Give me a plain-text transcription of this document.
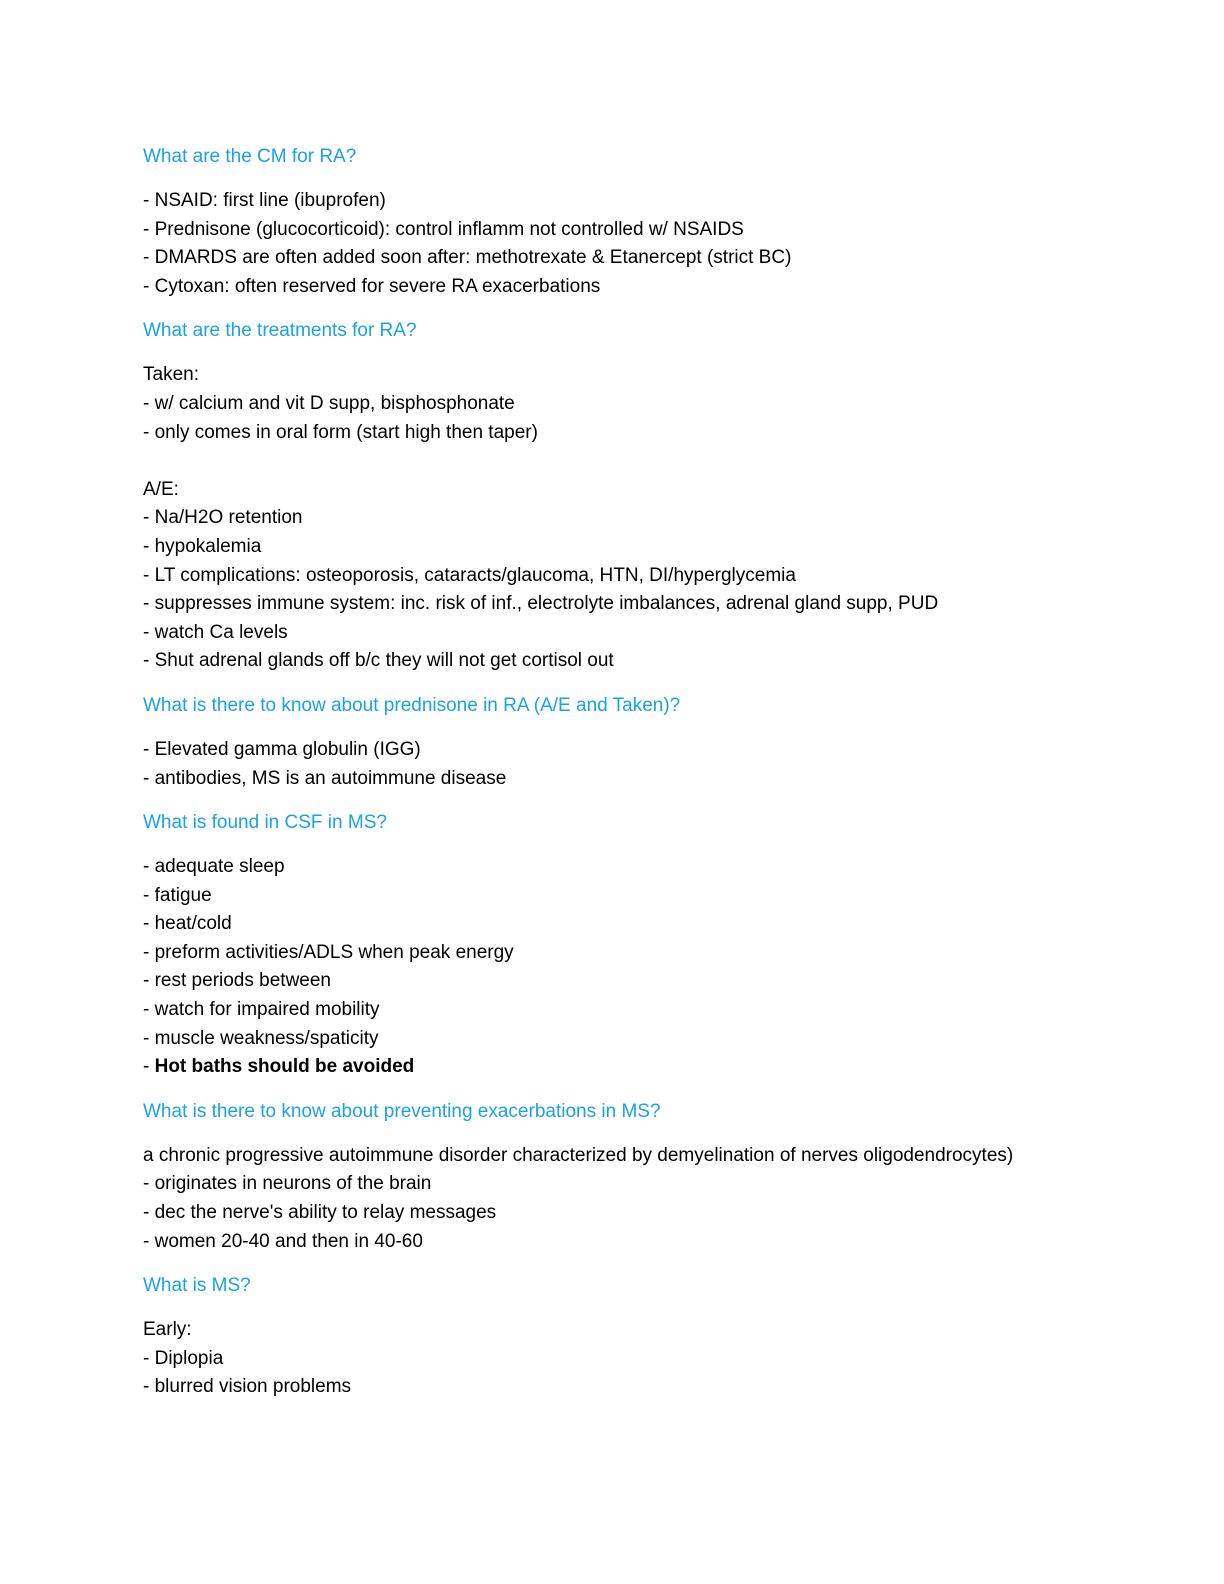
What are the CM for RA?
- NSAID: first line (ibuprofen)
- Prednisone (glucocorticoid): control inflamm not controlled w/ NSAIDS
- DMARDS are often added soon after: methotrexate & Etanercept (strict BC)
- Cytoxan: often reserved for severe RA exacerbations
What are the treatments for RA?
Taken:
- w/ calcium and vit D supp, bisphosphonate
- only comes in oral form (start high then taper)
A/E:
- Na/H2O retention
- hypokalemia
- LT complications: osteoporosis, cataracts/glaucoma, HTN, DI/hyperglycemia
- suppresses immune system: inc. risk of inf., electrolyte imbalances, adrenal gland supp, PUD
- watch Ca levels
- Shut adrenal glands off b/c they will not get cortisol out
What is there to know about prednisone in RA (A/E and Taken)?
- Elevated gamma globulin (IGG)
- antibodies, MS is an autoimmune disease
What is found in CSF in MS?
- adequate sleep
- fatigue
- heat/cold
- preform activities/ADLS when peak energy
- rest periods between
- watch for impaired mobility
- muscle weakness/spaticity
- Hot baths should be avoided
What is there to know about preventing exacerbations in MS?
a chronic progressive autoimmune disorder characterized by demyelination of nerves oligodendrocytes)
- originates in neurons of the brain
- dec the nerve's ability to relay messages
- women 20-40 and then in 40-60
What is MS?
Early:
- Diplopia
- blurred vision problems
